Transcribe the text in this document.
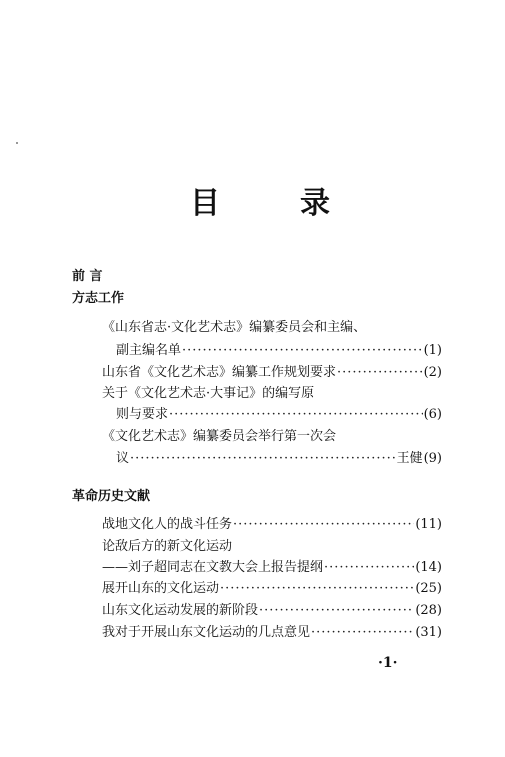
目	录
前 言
方志工作
《山东省志·文化艺术志》编纂委员会和主编、
副主编名单 ·····	(1)
山东省《文化艺术志》编纂工作规划要求 ·····	(2)
关于《文化艺术志·大事记》的编写原
则与要求 ·····	(6)
《文化艺术志》编纂委员会举行第一次会
议 ·····	王健 (9)
革命历史文献
战地文化人的战斗任务 ·····	(11)
论敌后方的新文化运动
——刘子超同志在文教大会上报告提纲 ·····	(14)
展开山东的文化运动 ·····	(25)
山东文化运动发展的新阶段 ·····	(28)
我对于开展山东文化运动的几点意见 ·····	(31)
·1·
